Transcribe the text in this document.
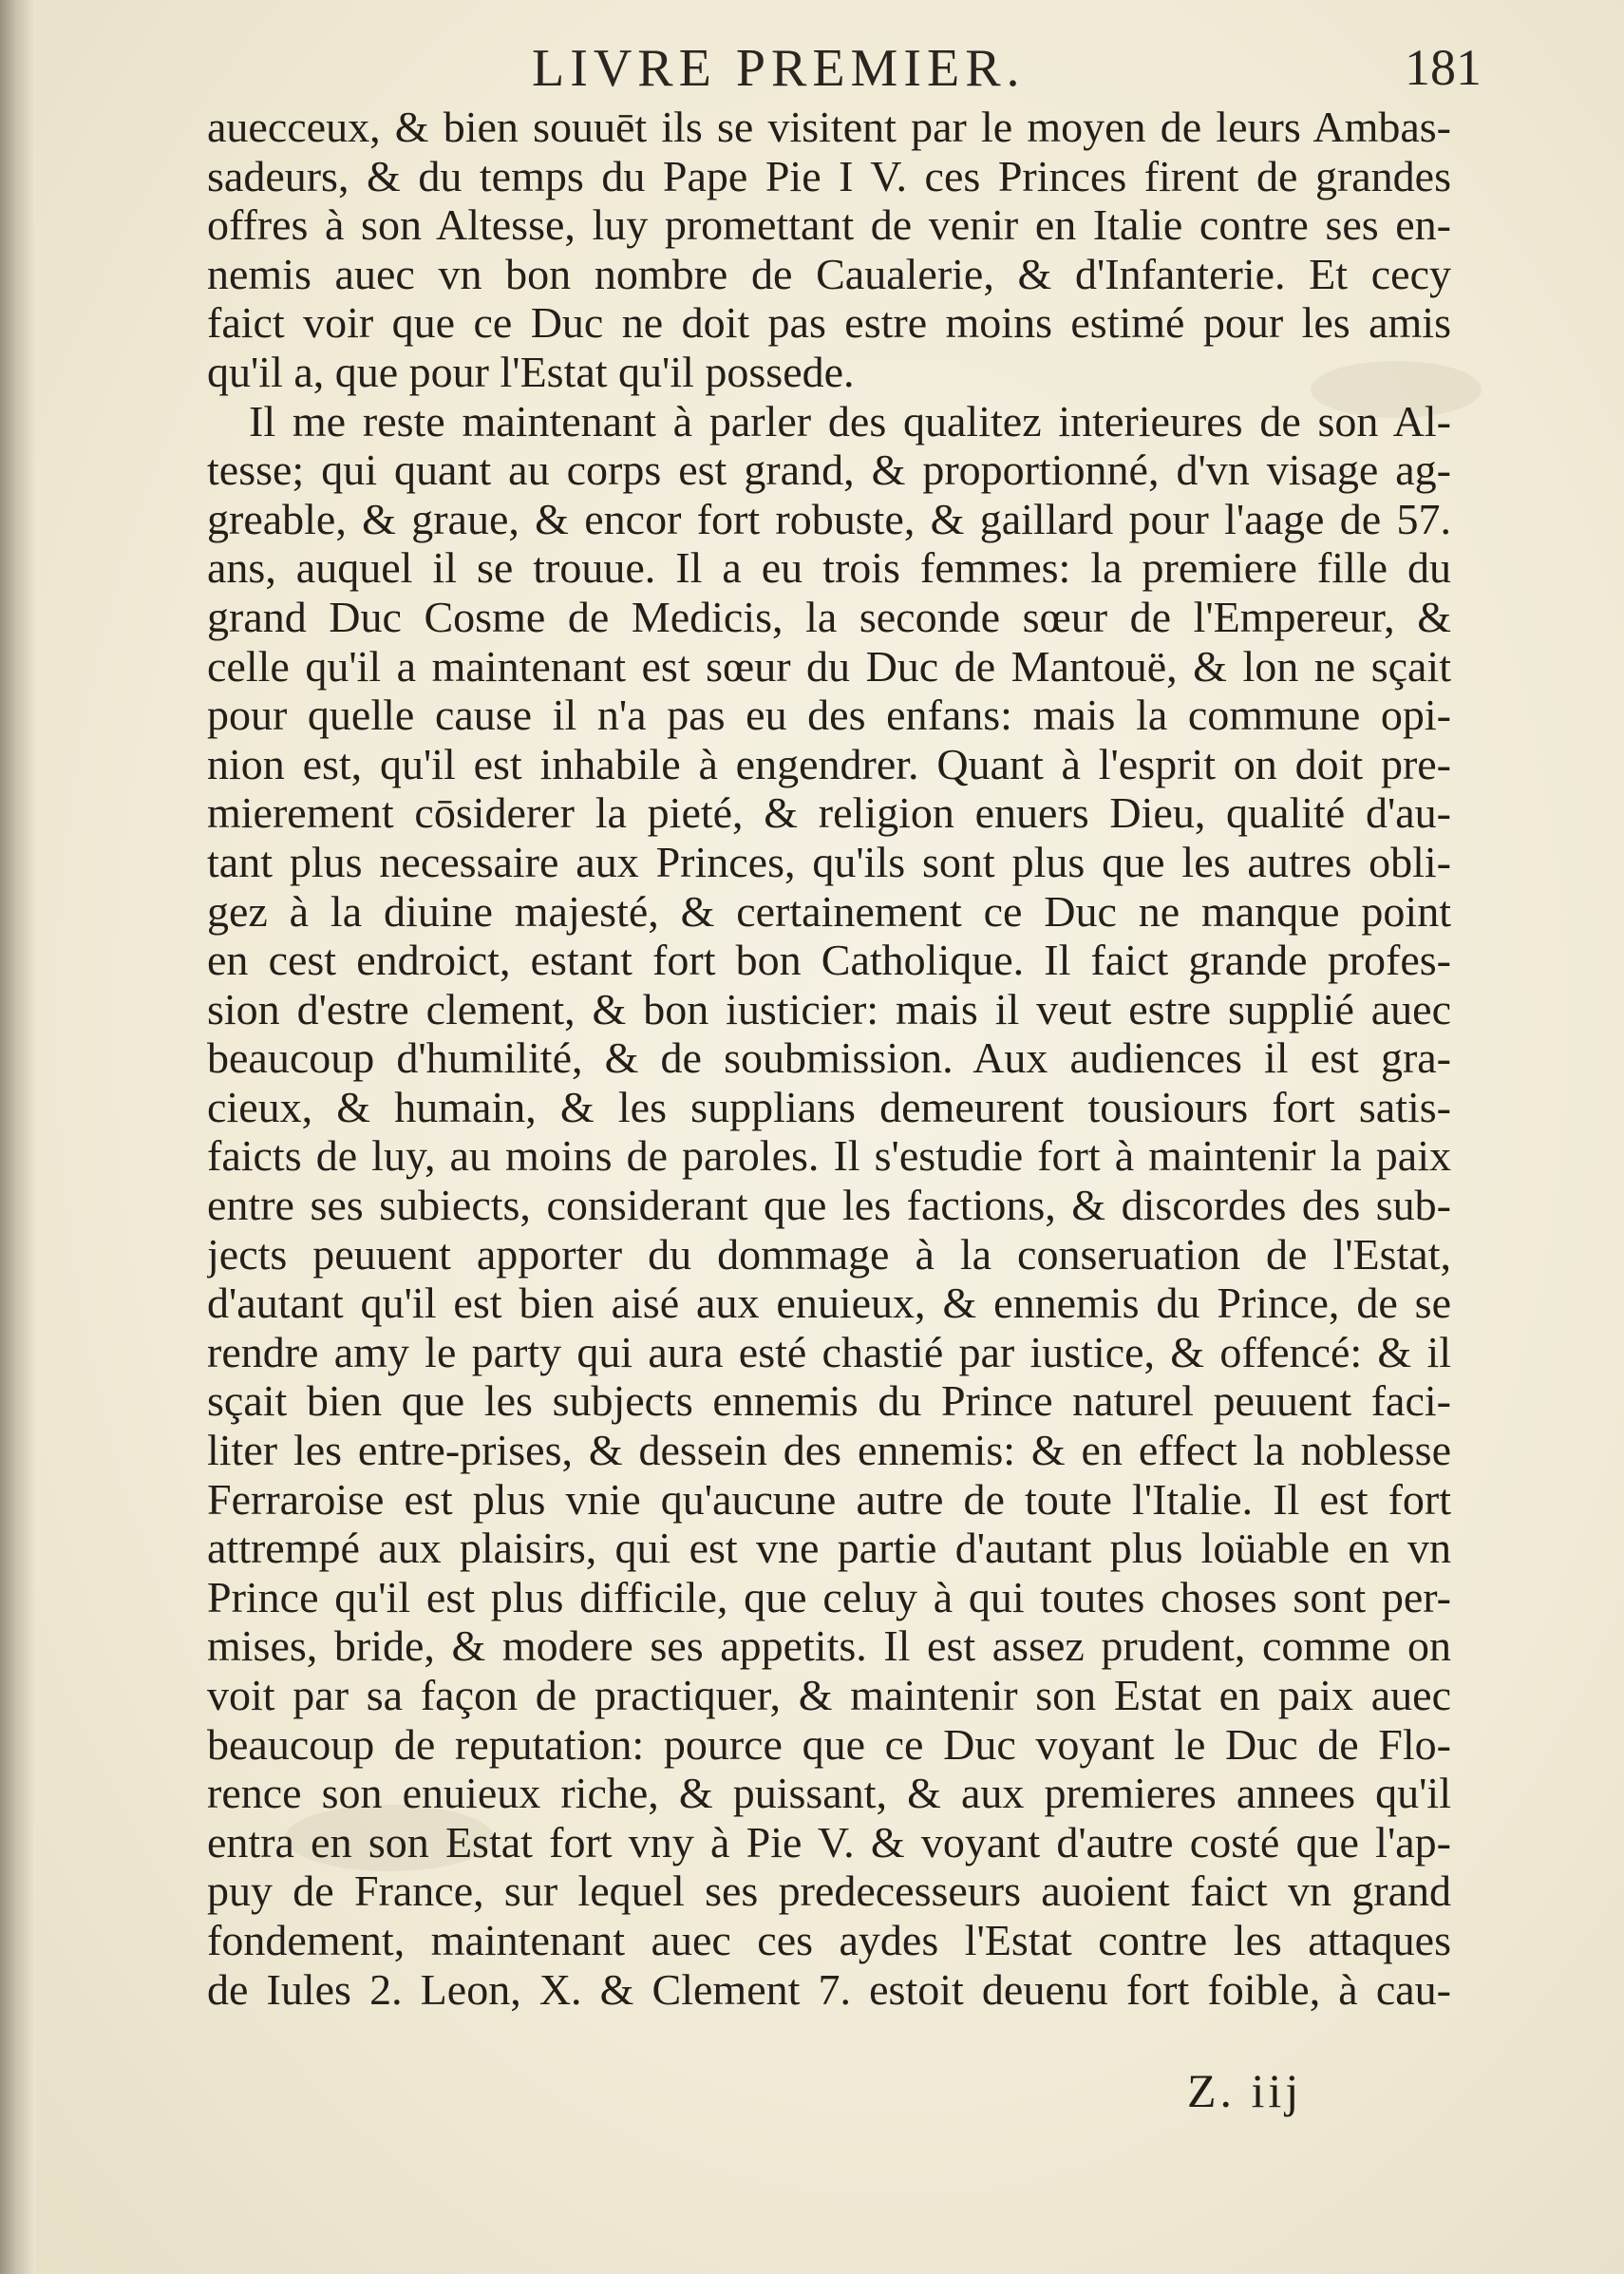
LIVRE PREMIER.	181
auecceux, & bien souuēt ils se visitent par le moyen de leurs Ambas-
sadeurs, & du temps du Pape Pie I V. ces Princes firent de grandes
offres à son Altesse, luy promettant de venir en Italie contre ses en-
nemis auec vn bon nombre de Caualerie, & d'Infanterie. Et cecy
faict voir que ce Duc ne doit pas estre moins estimé pour les amis
qu'il a, que pour l'Estat qu'il possede.
Il me reste maintenant à parler des qualitez interieures de son Al-
tesse; qui quant au corps est grand, & proportionné, d'vn visage ag-
greable, & graue, & encor fort robuste, & gaillard pour l'aage de 57.
ans, auquel il se trouue. Il a eu trois femmes: la premiere fille du
grand Duc Cosme de Medicis, la seconde sœur de l'Empereur, &
celle qu'il a maintenant est sœur du Duc de Mantouë, & lon ne sçait
pour quelle cause il n'a pas eu des enfans: mais la commune opi-
nion est, qu'il est inhabile à engendrer. Quant à l'esprit on doit pre-
mierement cōsiderer la pieté, & religion enuers Dieu, qualité d'au-
tant plus necessaire aux Princes, qu'ils sont plus que les autres obli-
gez à la diuine majesté, & certainement ce Duc ne manque point
en cest endroict, estant fort bon Catholique. Il faict grande profes-
sion d'estre clement, & bon iusticier: mais il veut estre supplié auec
beaucoup d'humilité, & de soubmission. Aux audiences il est gra-
cieux, & humain, & les supplians demeurent tousiours fort satis-
faicts de luy, au moins de paroles. Il s'estudie fort à maintenir la paix
entre ses subiects, considerant que les factions, & discordes des sub-
jects peuuent apporter du dommage à la conseruation de l'Estat,
d'autant qu'il est bien aisé aux enuieux, & ennemis du Prince, de se
rendre amy le party qui aura esté chastié par iustice, & offencé: & il
sçait bien que les subjects ennemis du Prince naturel peuuent faci-
liter les entre-prises, & dessein des ennemis: & en effect la noblesse
Ferraroise est plus vnie qu'aucune autre de toute l'Italie. Il est fort
attrempé aux plaisirs, qui est vne partie d'autant plus loüable en vn
Prince qu'il est plus difficile, que celuy à qui toutes choses sont per-
mises, bride, & modere ses appetits. Il est assez prudent, comme on
voit par sa façon de practiquer, & maintenir son Estat en paix auec
beaucoup de reputation: pource que ce Duc voyant le Duc de Flo-
rence son enuieux riche, & puissant, & aux premieres annees qu'il
entra en son Estat fort vny à Pie V. & voyant d'autre costé que l'ap-
puy de France, sur lequel ses predecesseurs auoient faict vn grand
fondement, maintenant auec ces aydes l'Estat contre les attaques
de Iules 2. Leon, X. & Clement 7. estoit deuenu fort foible, à cau-
Z. iij
